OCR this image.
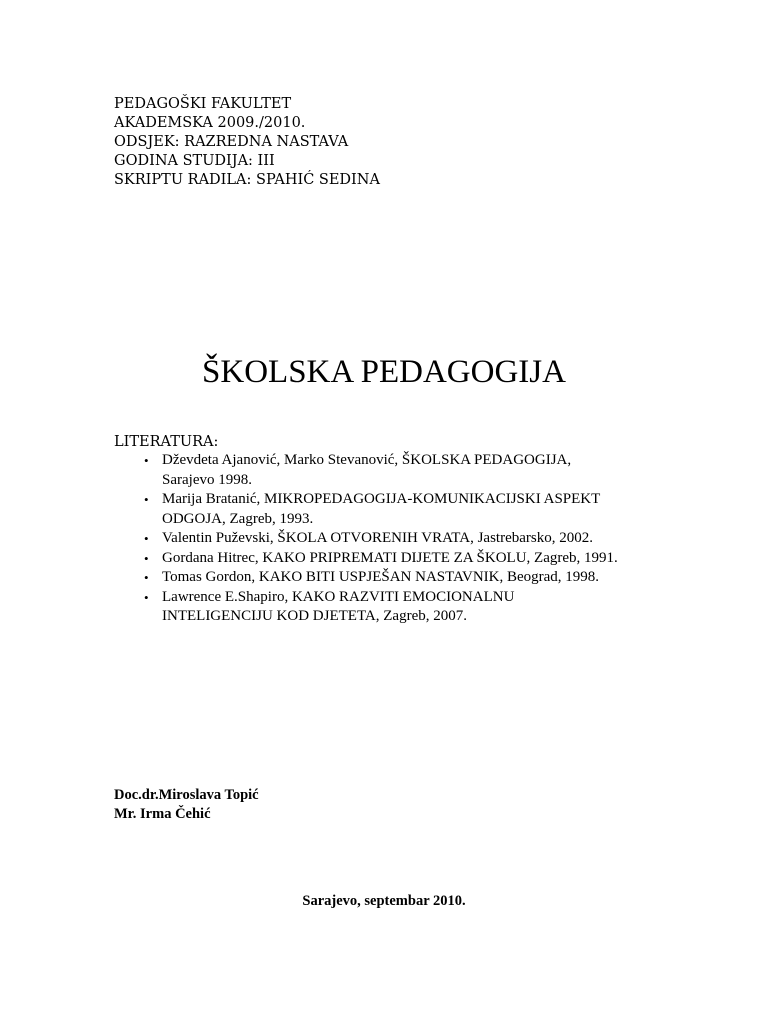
PEDAGOŠKI FAKULTET
AKADEMSKA 2009./2010.
ODSJEK: RAZREDNA NASTAVA
GODINA STUDIJA: III
SKRIPTU RADILA: SPAHIĆ SEDINA
ŠKOLSKA PEDAGOGIJA
LITERATURA:
• Dževdeta Ajanović, Marko Stevanović, ŠKOLSKA PEDAGOGIJA,
Sarajevo 1998.
• Marija Bratanić, MIKROPEDAGOGIJA-KOMUNIKACIJSKI ASPEKT
ODGOJA, Zagreb, 1993.
• Valentin Puževski, ŠKOLA OTVORENIH VRATA, Jastrebarsko, 2002.
• Gordana Hitrec, KAKO PRIPREMATI DIJETE ZA ŠKOLU, Zagreb, 1991.
• Tomas Gordon, KAKO BITI USPJEŠAN NASTAVNIK, Beograd, 1998.
• Lawrence E.Shapiro, KAKO RAZVITI EMOCIONALNU
INTELIGENCIJU KOD DJETETA, Zagreb, 2007.
Doc.dr.Miroslava Topić
Mr. Irma Čehić
Sarajevo, septembar 2010.
